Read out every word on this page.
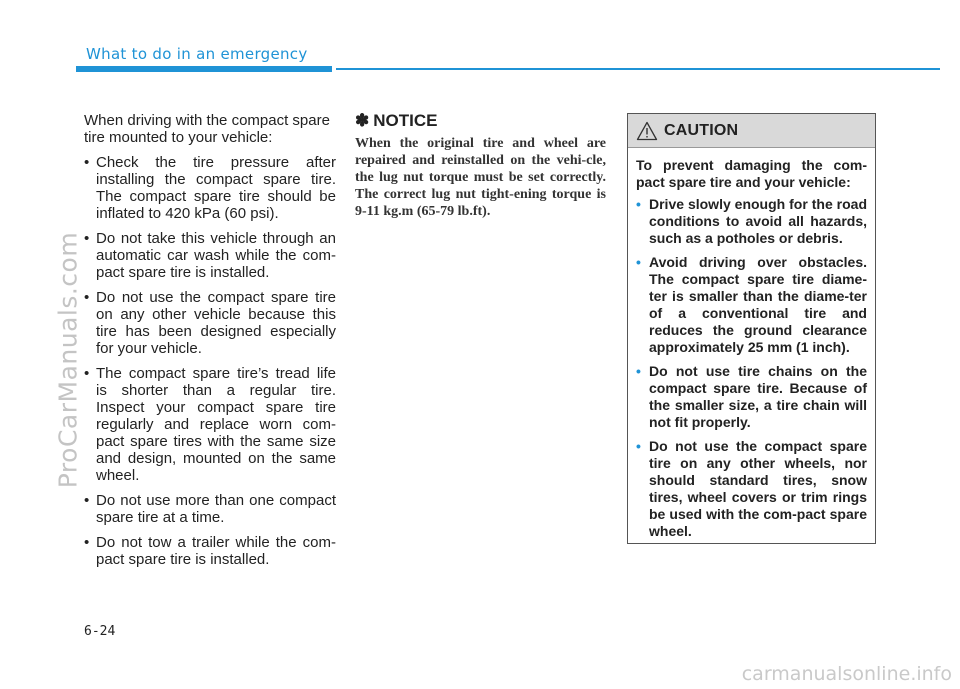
What to do in an emergency
ProCarManuals.com

When driving with the compact spare tire mounted to your vehicle:

• Check the tire pressure after installing the compact spare tire. The compact spare tire should be inflated to 420 kPa (60 psi).
• Do not take this vehicle through an automatic car wash while the com-pact spare tire is installed.
• Do not use the compact spare tire on any other vehicle because this tire has been designed especially for your vehicle.
• The compact spare tire’s tread life is shorter than a regular tire. Inspect your compact spare tire regularly and replace worn com-pact spare tires with the same size and design, mounted on the same wheel.
• Do not use more than one compact spare tire at a time.
• Do not tow a trailer while the com-pact spare tire is installed.

✽ NOTICE

When the original tire and wheel are repaired and reinstalled on the vehi-cle, the lug nut torque must be set correctly. The correct lug nut tight-ening torque is 9-11 kg.m (65-79 lb.ft).

CAUTION

To prevent damaging the com-pact spare tire and your vehicle:

• Drive slowly enough for the road conditions to avoid all hazards, such as a potholes or debris.
• Avoid driving over obstacles. The compact spare tire diame-ter is smaller than the diame-ter of a conventional tire and reduces the ground clearance approximately 25 mm (1 inch).
• Do not use tire chains on the compact spare tire. Because of the smaller size, a tire chain will not fit properly.
• Do not use the compact spare tire on any other wheels, nor should standard tires, snow tires, wheel covers or trim rings be used with the com-pact spare wheel.
6-24
carmanualsonline.info
